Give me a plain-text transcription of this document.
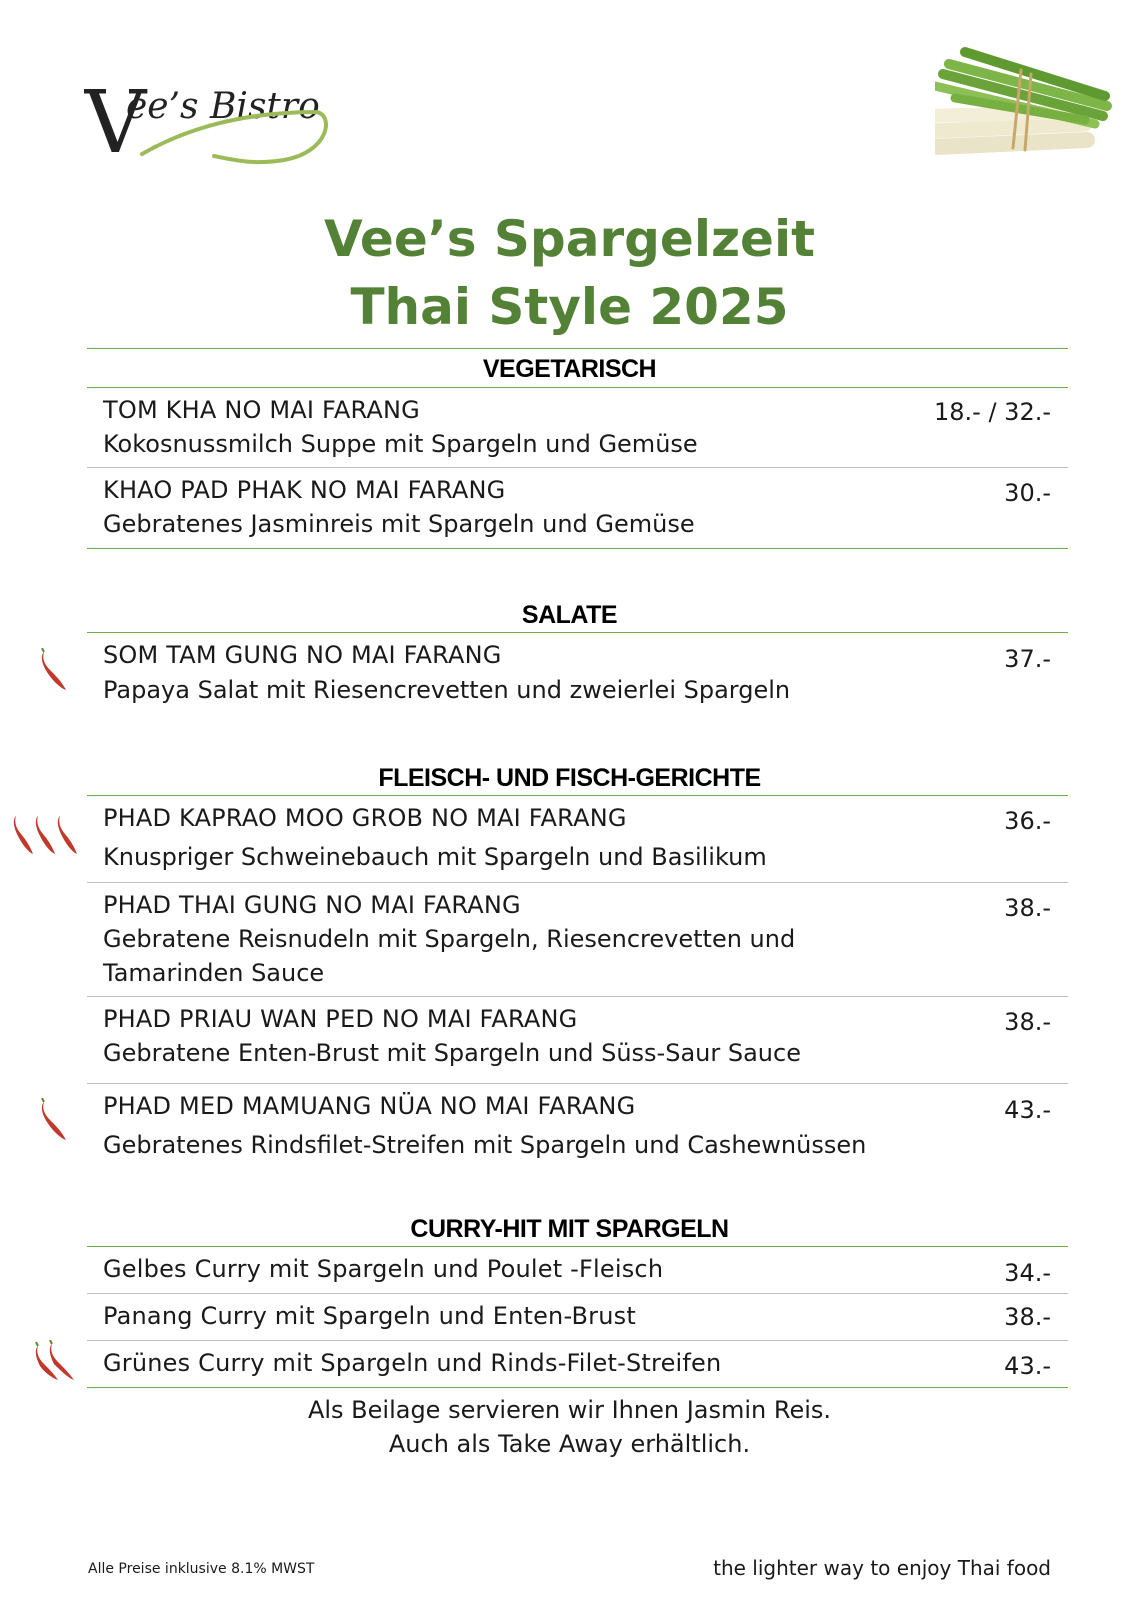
V
ee’s Bistro
Vee’s Spargelzeit
Thai Style 2025
VEGETARISCH
TOM KHA NO MAI FARANG	18.- / 32.-
Kokosnussmilch Suppe mit Spargeln und Gemüse
KHAO PAD PHAK NO MAI FARANG	30.-
Gebratenes Jasminreis mit Spargeln und Gemüse
SALATE
SOM TAM GUNG NO MAI FARANG	37.-
Papaya Salat mit Riesencrevetten und zweierlei Spargeln
FLEISCH- UND FISCH-GERICHTE
PHAD KAPRAO MOO GROB NO MAI FARANG	36.-
Knuspriger Schweinebauch mit Spargeln und Basilikum
PHAD THAI GUNG NO MAI FARANG	38.-
Gebratene Reisnudeln mit Spargeln, Riesencrevetten und
Tamarinden Sauce
PHAD PRIAU WAN PED NO MAI FARANG	38.-
Gebratene Enten-Brust mit Spargeln und Süss-Saur Sauce
PHAD MED MAMUANG NÜA NO MAI FARANG	43.-
Gebratenes Rindsfilet-Streifen mit Spargeln und Cashewnüssen
CURRY-HIT MIT SPARGELN
Gelbes Curry mit Spargeln und Poulet -Fleisch	34.-
Panang Curry mit Spargeln und Enten-Brust	38.-
Grünes Curry mit Spargeln und Rinds-Filet-Streifen	43.-
Als Beilage servieren wir Ihnen Jasmin Reis.
Auch als Take Away erhältlich.
Alle Preise inklusive 8.1% MWST	the lighter way to enjoy Thai food
